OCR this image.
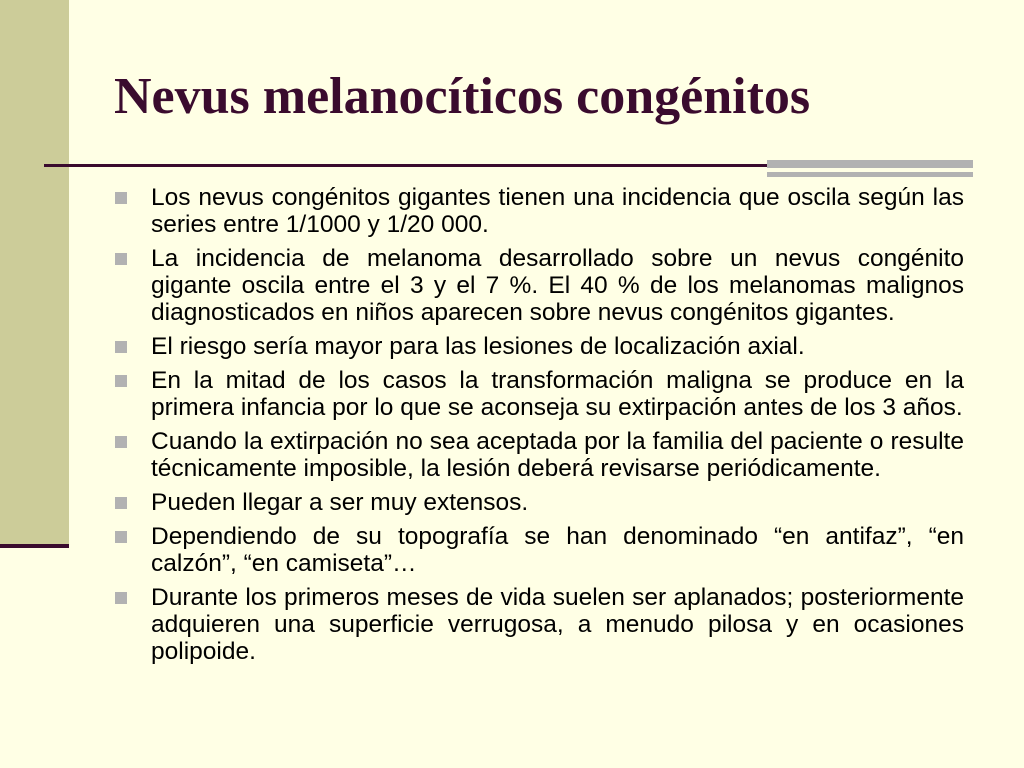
Nevus melanocíticos congénitos
Los nevus congénitos gigantes tienen una incidencia que oscila según las series entre 1/1000 y 1/20 000.
La incidencia de melanoma desarrollado sobre un nevus congénito gigante oscila entre el 3 y el 7 %. El 40 % de los melanomas malignos diagnosticados en niños aparecen sobre nevus congénitos gigantes.
El riesgo sería mayor para las lesiones de localización axial.
En la mitad de los casos la transformación maligna se produce en la primera infancia por lo que se aconseja su extirpación antes de los 3 años.
Cuando la extirpación no sea aceptada por la familia del paciente o resulte técnicamente imposible, la lesión deberá revisarse periódicamente.
Pueden llegar a ser muy extensos.
Dependiendo de su topografía se han denominado “en antifaz”, “en calzón”, “en camiseta”…
Durante los primeros meses de vida suelen ser aplanados; posteriormente adquieren una superficie verrugosa, a menudo pilosa y en ocasiones polipoide.
